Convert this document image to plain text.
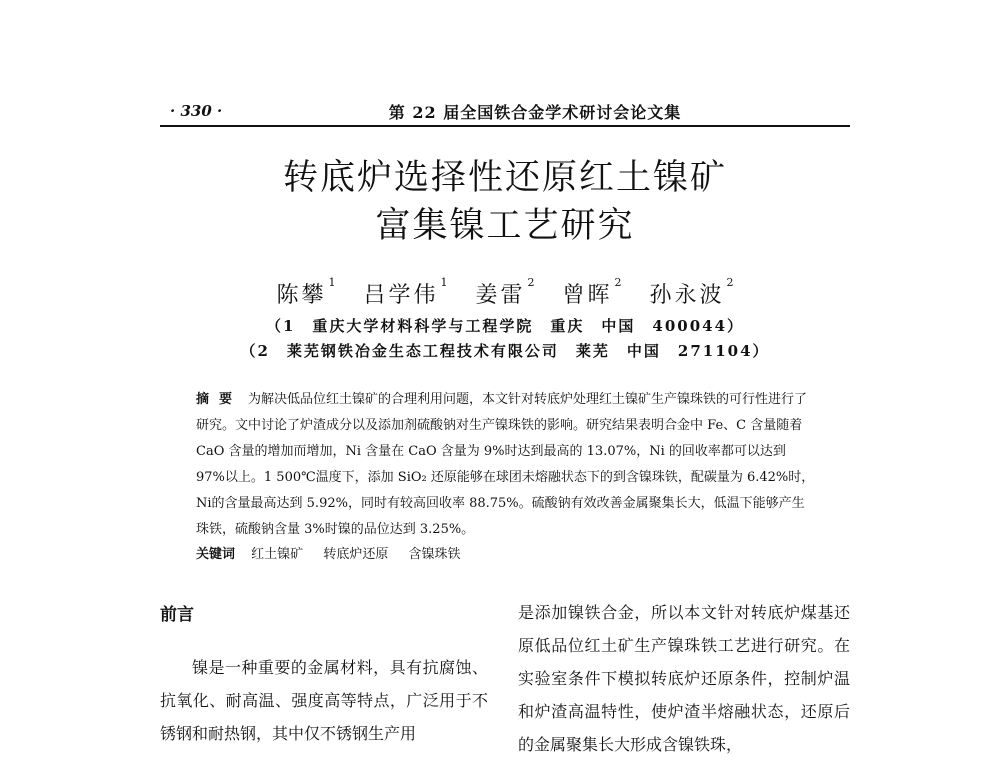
· 330 ·	第 22 届全国铁合金学术研讨会论文集
转底炉选择性还原红土镍矿
富集镍工艺研究
陈攀$^1$ 吕学伟$^1$ 姜雷$^2$ 曾晖$^2$ 孙永波$^2$
（1　重庆大学材料科学与工程学院　重庆　中国　400044）
（2　莱芜钢铁冶金生态工程技术有限公司　莱芜　中国　271104）
摘要 为解决低品位红土镍矿的合理利用问题，本文针对转底炉处理红土镍矿生产镍珠铁的可行性进行了研究。文中讨论了炉渣成分以及添加剂硫酸钠对生产镍珠铁的影响。研究结果表明合金中 Fe、C 含量随着 CaO 含量的增加而增加，Ni 含量在 CaO 含量为 9%时达到最高的 13.07%，Ni 的回收率都可以达到 97%以上。1 500℃温度下，添加 SiO₂ 还原能够在球团未熔融状态下的到含镍珠铁，配碳量为 6.42%时，Ni的含量最高达到 5.92%，同时有较高回收率 88.75%。硫酸钠有效改善金属聚集长大，低温下能够产生珠铁，硫酸钠含量 3%时镍的品位达到 3.25%。
关键词 红土镍矿 转底炉还原 含镍珠铁
前言
镍是一种重要的金属材料，具有抗腐蚀、抗氧化、耐高温、强度高等特点，广泛用于不锈钢和耐热钢，其中仅不锈钢生产用
是添加镍铁合金，所以本文针对转底炉煤基还原低品位红土矿生产镍珠铁工艺进行研究。在实验室条件下模拟转底炉还原条件，控制炉温和炉渣高温特性，使炉渣半熔融状态，还原后的金属聚集长大形成含镍铁珠，
